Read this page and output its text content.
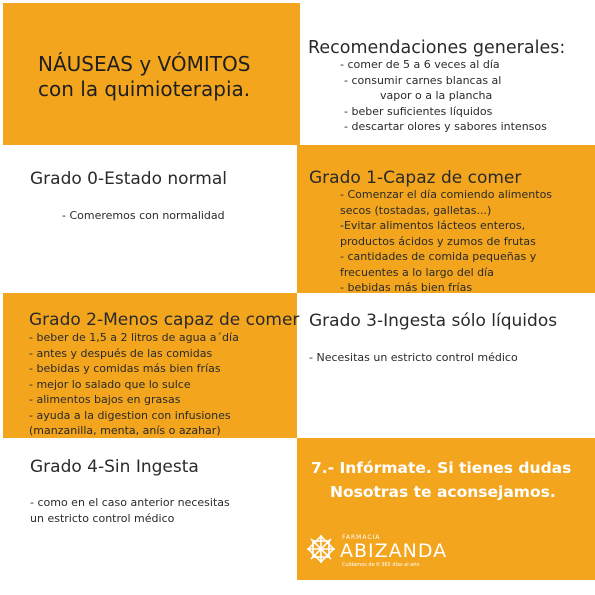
NÁUSEAS y VÓMITOS
con la quimioterapia.
Recomendaciones generales:
- comer de 5 a 6 veces al día
- consumir carnes blancas al
vapor o a la plancha
- beber suficientes líquidos
- descartar olores y sabores intensos
Grado 0-Estado normal
- Comeremos con normalidad
Grado 1-Capaz de comer
- Comenzar el día comiendo alimentos
secos (tostadas, galletas...)
-Evitar alimentos lácteos enteros,
productos ácidos y zumos de frutas
- cantidades de comida pequeñas y
frecuentes a lo largo del día
- bebidas más bien frías
Grado 2-Menos capaz de comer
- beber de 1,5 a 2 litros de agua a´día
- antes y después de las comidas
- bebidas y comidas más bien frías
- mejor lo salado que lo sulce
- alimentos bajos en grasas
- ayuda a la digestion con infusiones
(manzanilla, menta, anís o azahar)
Grado 3-Ingesta sólo líquidos
- Necesitas un estricto control médico
Grado 4-Sin Ingesta
- como en el caso anterior necesitas
un estricto control médico
7.- Infórmate. Si tienes dudas
Nosotras te aconsejamos.
FARMACIA
ABIZANDA
Cuidamos de ti 365 días al año
